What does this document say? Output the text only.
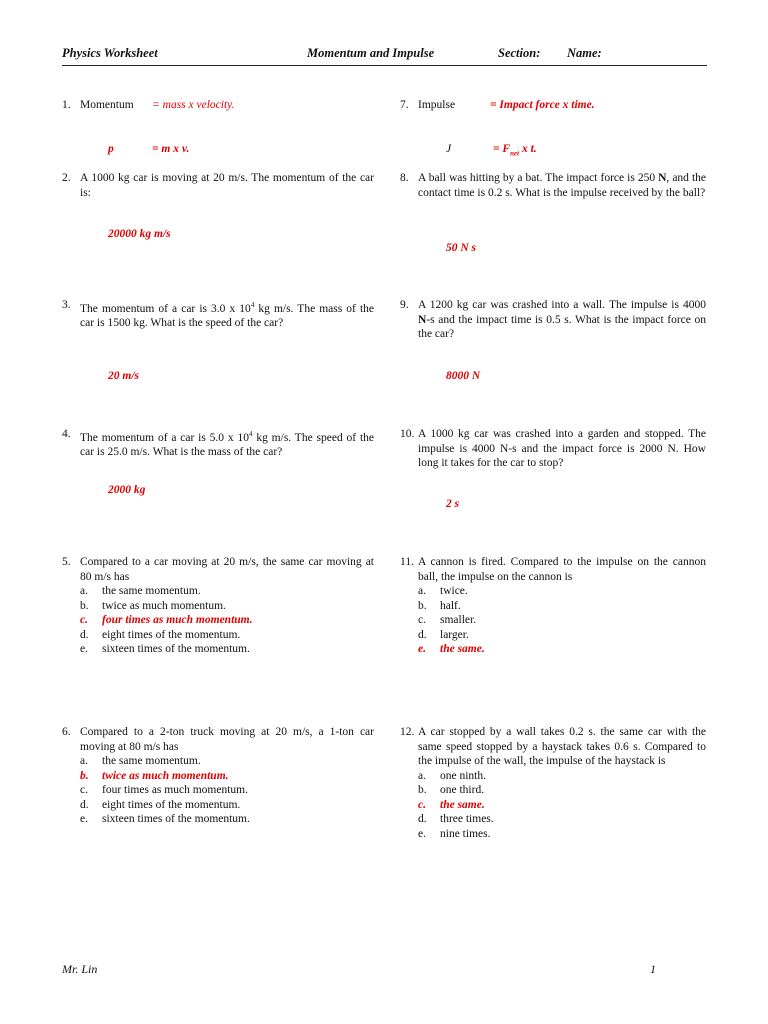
Physics Worksheet	Momentum and Impulse	Section: Name:
1. Momentum = mass x velocity.
p	= m x v.
2. A 1000 kg car is moving at 20 m/s. The momentum of the car is:
20000 kg m/s
3. The momentum of a car is 3.0 x $10^4$ kg m/s. The mass of the car is 1500 kg. What is the speed of the car?
20 m/s
4. The momentum of a car is 5.0 x $10^4$ kg m/s. The speed of the car is 25.0 m/s. What is the mass of the car?
2000 kg
5. Compared to a car moving at 20 m/s, the same car moving at 80 m/s has
a.	the same momentum.
b.	twice as much momentum.
c.	four times as much momentum.
d.	eight times of the momentum.
e.	sixteen times of the momentum.
6. Compared to a 2-ton truck moving at 20 m/s, a 1-ton car moving at 80 m/s has
a.	the same momentum.
b.	twice as much momentum.
c.	four times as much momentum.
d.	eight times of the momentum.
e.	sixteen times of the momentum.
7. Impulse	= Impact force x time.
J	= $F_{net}$ x t.
8. A ball was hitting by a bat. The impact force is 250 N, and the contact time is 0.2 s. What is the impulse received by the ball?
50 N s
9. A 1200 kg car was crashed into a wall. The impulse is 4000 N-s and the impact time is 0.5 s. What is the impact force on the car?
8000 N
10. A 1000 kg car was crashed into a garden and stopped. The impulse is 4000 N-s and the impact force is 2000 N. How long it takes for the car to stop?
2 s
11. A cannon is fired. Compared to the impulse on the cannon ball, the impulse on the cannon is
a.	twice.
b.	half.
c.	smaller.
d.	larger.
e.	the same.
12. A car stopped by a wall takes 0.2 s. the same car with the same speed stopped by a haystack takes 0.6 s. Compared to the impulse of the wall, the impulse of the haystack is
a.	one ninth.
b.	one third.
c.	the same.
d.	three times.
e.	nine times.
Mr. Lin	1
